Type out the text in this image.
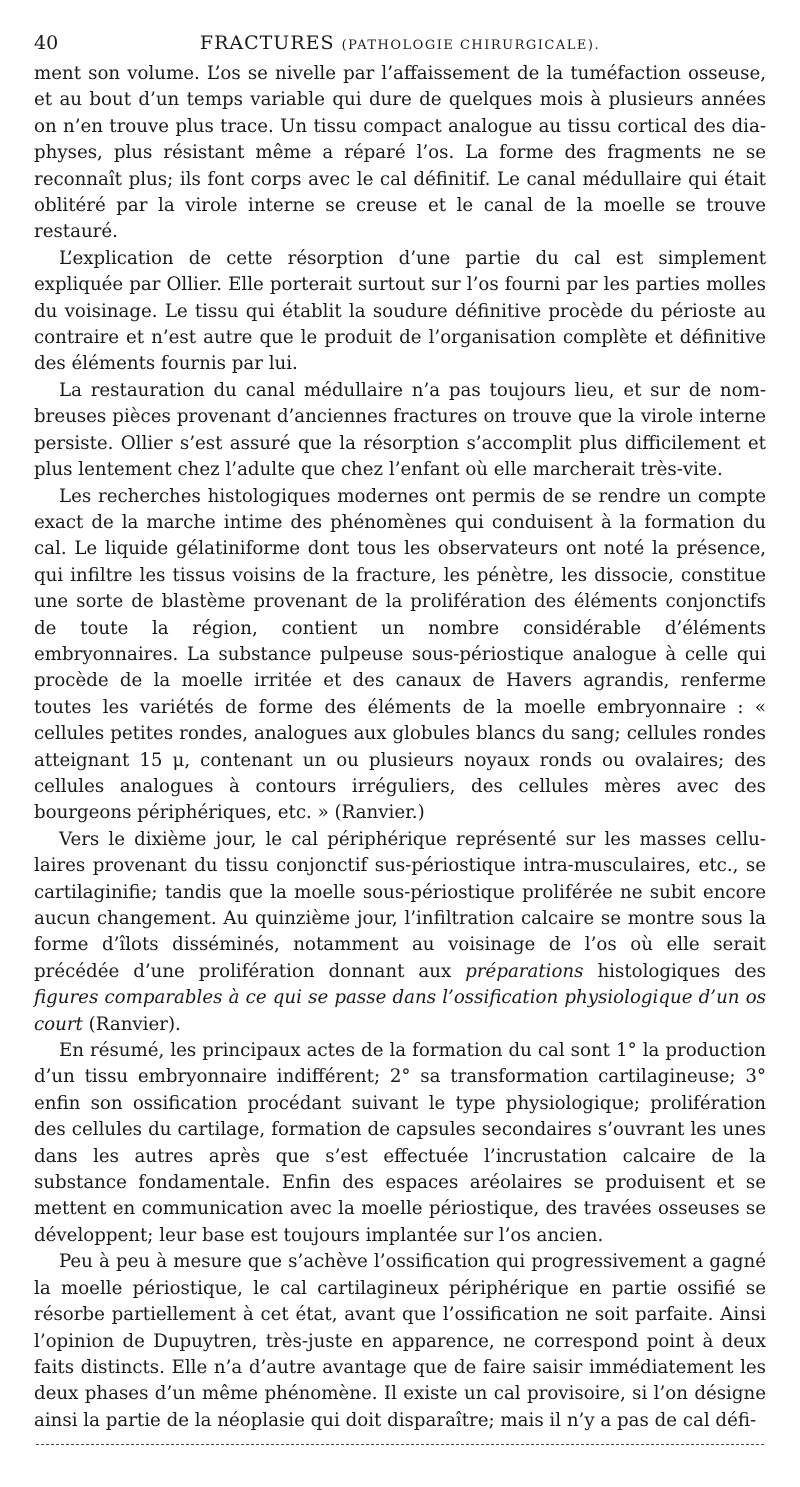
40	FRACTURES (PATHOLOGIE CHIRURGICALE).

ment son volume. L’os se nivelle par l’affaissement de la tuméfaction osseuse, et au bout d’un temps variable qui dure de quelques mois à plusieurs années on n’en trouve plus trace. Un tissu compact analogue au tissu cortical des diaphyses, plus résistant même a réparé l’os. La forme des fragments ne se reconnaît plus; ils font corps avec le cal définitif. Le canal médullaire qui était oblitéré par la virole interne se creuse et le canal de la moelle se trouve restauré.

L’explication de cette résorption d’une partie du cal est simplement expliquée par Ollier. Elle porterait surtout sur l’os fourni par les parties molles du voisinage. Le tissu qui établit la soudure définitive procède du périoste au contraire et n’est autre que le produit de l’organisation complète et définitive des éléments fournis par lui.

La restauration du canal médullaire n’a pas toujours lieu, et sur de nombreuses pièces provenant d’anciennes fractures on trouve que la virole interne persiste. Ollier s’est assuré que la résorption s’accomplit plus difficilement et plus lentement chez l’adulte que chez l’enfant où elle marcherait très-vite.

Les recherches histologiques modernes ont permis de se rendre un compte exact de la marche intime des phénomènes qui conduisent à la formation du cal. Le liquide gélatiniforme dont tous les observateurs ont noté la présence, qui infiltre les tissus voisins de la fracture, les pénètre, les dissocie, constitue une sorte de blastème provenant de la prolifération des éléments conjonctifs de toute la région, contient un nombre considérable d’éléments embryonnaires. La substance pulpeuse sous-périostique analogue à celle qui procède de la moelle irritée et des canaux de Havers agrandis, renferme toutes les variétés de forme des éléments de la moelle embryonnaire : « cellules petites rondes, analogues aux globules blancs du sang; cellules rondes atteignant 15 μ, contenant un ou plusieurs noyaux ronds ou ovalaires; des cellules analogues à contours irréguliers, des cellules mères avec des bourgeons périphériques, etc. » (Ranvier.)

Vers le dixième jour, le cal périphérique représenté sur les masses cellulaires provenant du tissu conjonctif sus-périostique intra-musculaires, etc., se cartilaginifie; tandis que la moelle sous-périostique proliférée ne subit encore aucun changement. Au quinzième jour, l’infiltration calcaire se montre sous la forme d’îlots disséminés, notamment au voisinage de l’os où elle serait précédée d’une prolifération donnant aux préparations histologiques des figures comparables à ce qui se passe dans l’ossification physiologique d’un os court (Ranvier).

En résumé, les principaux actes de la formation du cal sont 1° la production d’un tissu embryonnaire indifférent; 2° sa transformation cartilagineuse; 3° enfin son ossification procédant suivant le type physiologique; prolifération des cellules du cartilage, formation de capsules secondaires s’ouvrant les unes dans les autres après que s’est effectuée l’incrustation calcaire de la substance fondamentale. Enfin des espaces aréolaires se produisent et se mettent en communication avec la moelle périostique, des travées osseuses se développent; leur base est toujours implantée sur l’os ancien.

Peu à peu à mesure que s’achève l’ossification qui progressivement a gagné la moelle périostique, le cal cartilagineux périphérique en partie ossifié se résorbe partiellement à cet état, avant que l’ossification ne soit parfaite. Ainsi l’opinion de Dupuytren, très-juste en apparence, ne correspond point à deux faits distincts. Elle n’a d’autre avantage que de faire saisir immédiatement les deux phases d’un même phénomène. Il existe un cal provisoire, si l’on désigne ainsi la partie de la néoplasie qui doit disparaître; mais il n’y a pas de cal défi-
